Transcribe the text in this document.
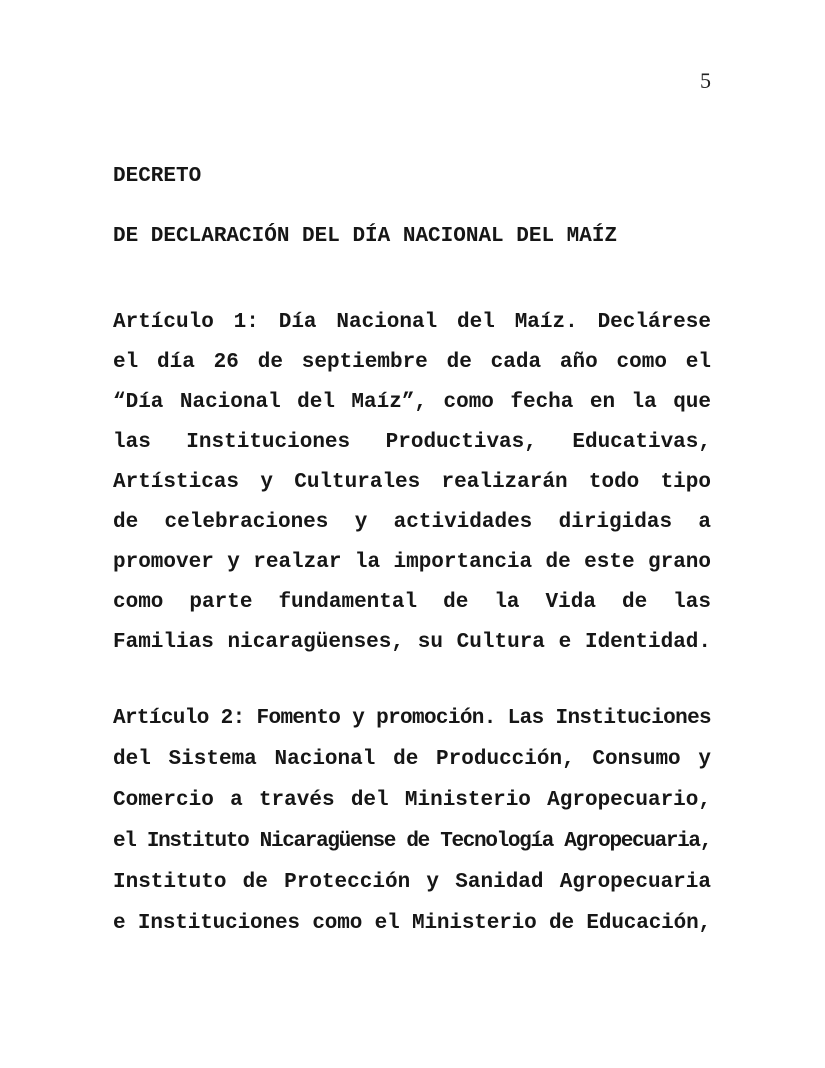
5
DECRETO
DE DECLARACIÓN DEL DÍA NACIONAL DEL MAÍZ
Artículo 1: Día Nacional del Maíz. Declárese
el día 26 de septiembre de cada año como el
“Día Nacional del Maíz”, como fecha en la que
las Instituciones Productivas, Educativas,
Artísticas y Culturales realizarán todo tipo
de celebraciones y actividades dirigidas a
promover y realzar la importancia de este grano
como parte fundamental de la Vida de las
Familias nicaragüenses, su Cultura e Identidad.
Artículo 2: Fomento y promoción. Las Instituciones
del Sistema Nacional de Producción, Consumo y
Comercio a través del Ministerio Agropecuario,
el Instituto Nicaragüense de Tecnología Agropecuaria,
Instituto de Protección y Sanidad Agropecuaria
e Instituciones como el Ministerio de Educación,
